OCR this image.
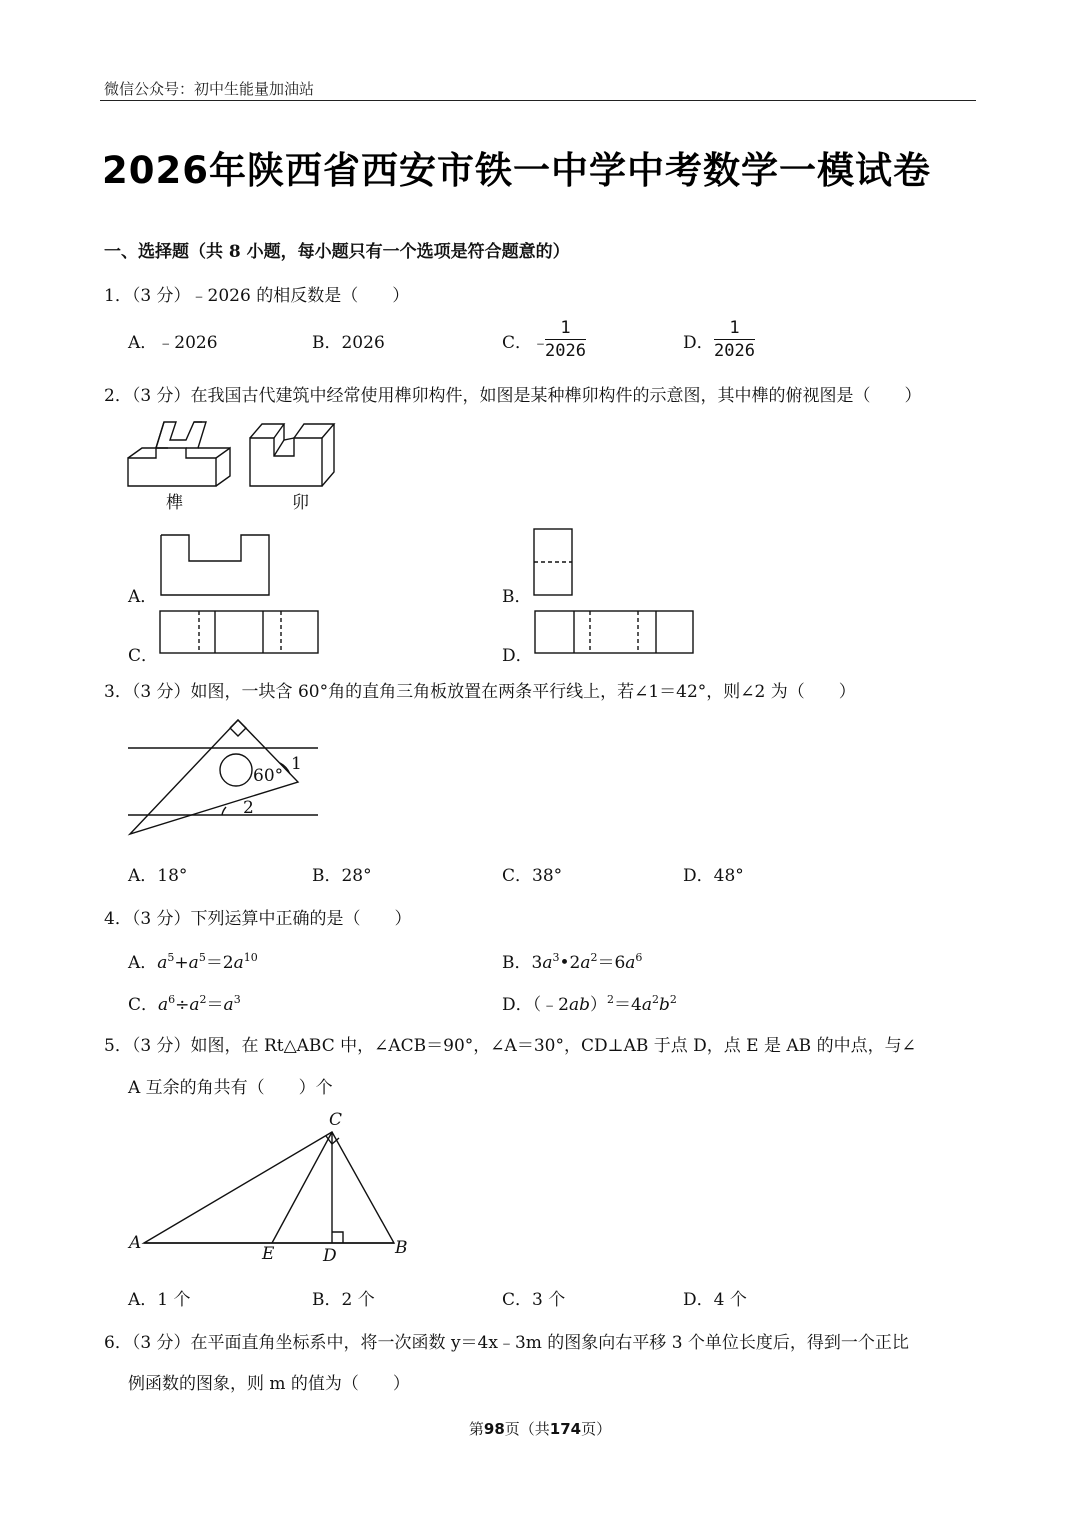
微信公众号：初中生能量加油站
2026年陕西省西安市铁一中学中考数学一模试卷
一、选择题（共 8 小题，每小题只有一个选项是符合题意的）
1．（3 分）﹣2026 的相反数是（　　）
A．﹣2026	B．2026	C． ﹣
$\frac{1}{2026}$	D． $\frac{1}{2026}$
2．（3 分）在我国古代建筑中经常使用榫卯构件，如图是某种榫卯构件的示意图，其中榫的俯视图是（　　）
榫	卯
A．	B．
C．	D．
3．（3 分）如图，一块含 60°角的直角三角板放置在两条平行线上，若∠1＝42°，则∠2 为（　　）
60°
1
2
A．18°	B．28°	C．38°	D．48°
4．（3 分）下列运算中正确的是（　　）
A．$a^5+a^5=2a^{10}$	B．$3a^3•2a^2=6a^6$
C．$a^6\div a^2=a^3$	D．$(﹣2ab)^2=4a^2b^2$
5．（3 分）如图，在 Rt△ABC 中，∠ACB＝90°，∠A＝30°，CD⊥AB 于点 D，点 E 是 AB 的中点，与∠
A 互余的角共有（　　）个
C
A
E	D	B
A．1 个	B．2 个	C．3 个	D．4 个
6．（3 分）在平面直角坐标系中，将一次函数 y＝4x﹣3m 的图象向右平移 3 个单位长度后，得到一个正比
例函数的图象，则 m 的值为（　　）
第98页（共174页）
